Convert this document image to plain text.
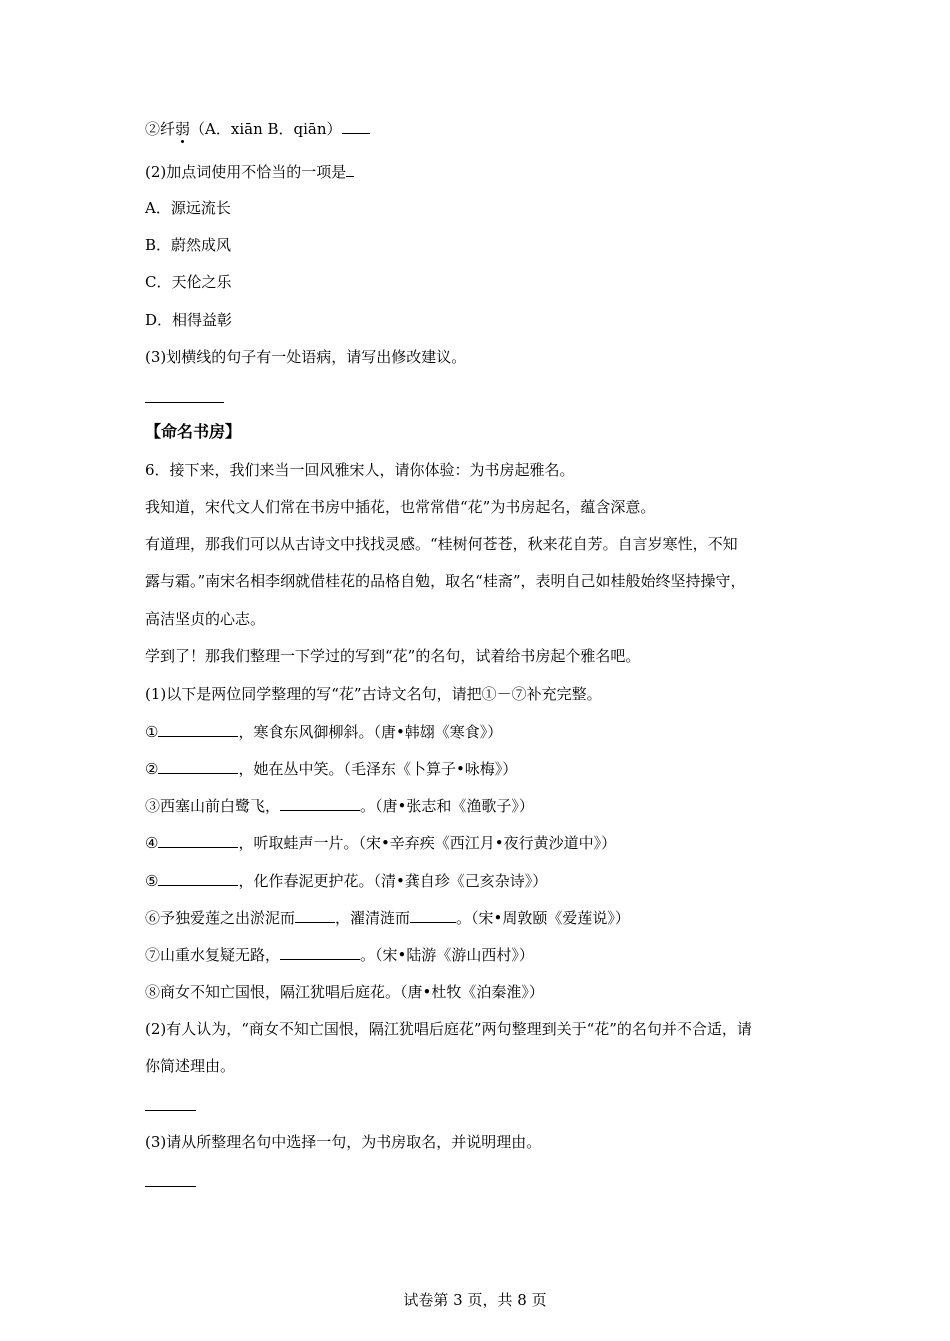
②纤弱（A．xiān B．qiān）
(2)加点词使用不恰当的一项是
A．源远流长
B．蔚然成风
C．天伦之乐
D．相得益彰
(3)划横线的句子有一处语病，请写出修改建议。
【命名书房】
6．接下来，我们来当一回风雅宋人，请你体验：为书房起雅名。
我知道，宋代文人们常在书房中插花，也常常借“花”为书房起名，蕴含深意。
有道理，那我们可以从古诗文中找找灵感。“桂树何苍苍，秋来花自芳。自言岁寒性，不知
露与霜。”南宋名相李纲就借桂花的品格自勉，取名“桂斋”，表明自己如桂般始终坚持操守，
高洁坚贞的心志。
学到了！那我们整理一下学过的写到“花”的名句，试着给书房起个雅名吧。
(1)以下是两位同学整理的写“花”古诗文名句，请把①－⑦补充完整。
①	，寒食东风御柳斜。（唐•韩翃《寒食》）
②	，她在丛中笑。（毛泽东《卜算子•咏梅》）
③西塞山前白鹭飞，	。（唐•张志和《渔歌子》）
④	，听取蛙声一片。（宋•辛弃疾《西江月•夜行黄沙道中》）
⑤	，化作春泥更护花。（清•龚自珍《己亥杂诗》）
⑥予独爱莲之出淤泥而	，濯清涟而	。（宋•周敦颐《爱莲说》）
⑦山重水复疑无路，	。（宋•陆游《游山西村》）
⑧商女不知亡国恨，隔江犹唱后庭花。（唐•杜牧《泊秦淮》）
(2)有人认为，“商女不知亡国恨，隔江犹唱后庭花”两句整理到关于“花”的名句并不合适，请
你简述理由。
(3)请从所整理名句中选择一句，为书房取名，并说明理由。
试卷第 3 页，共 8 页
